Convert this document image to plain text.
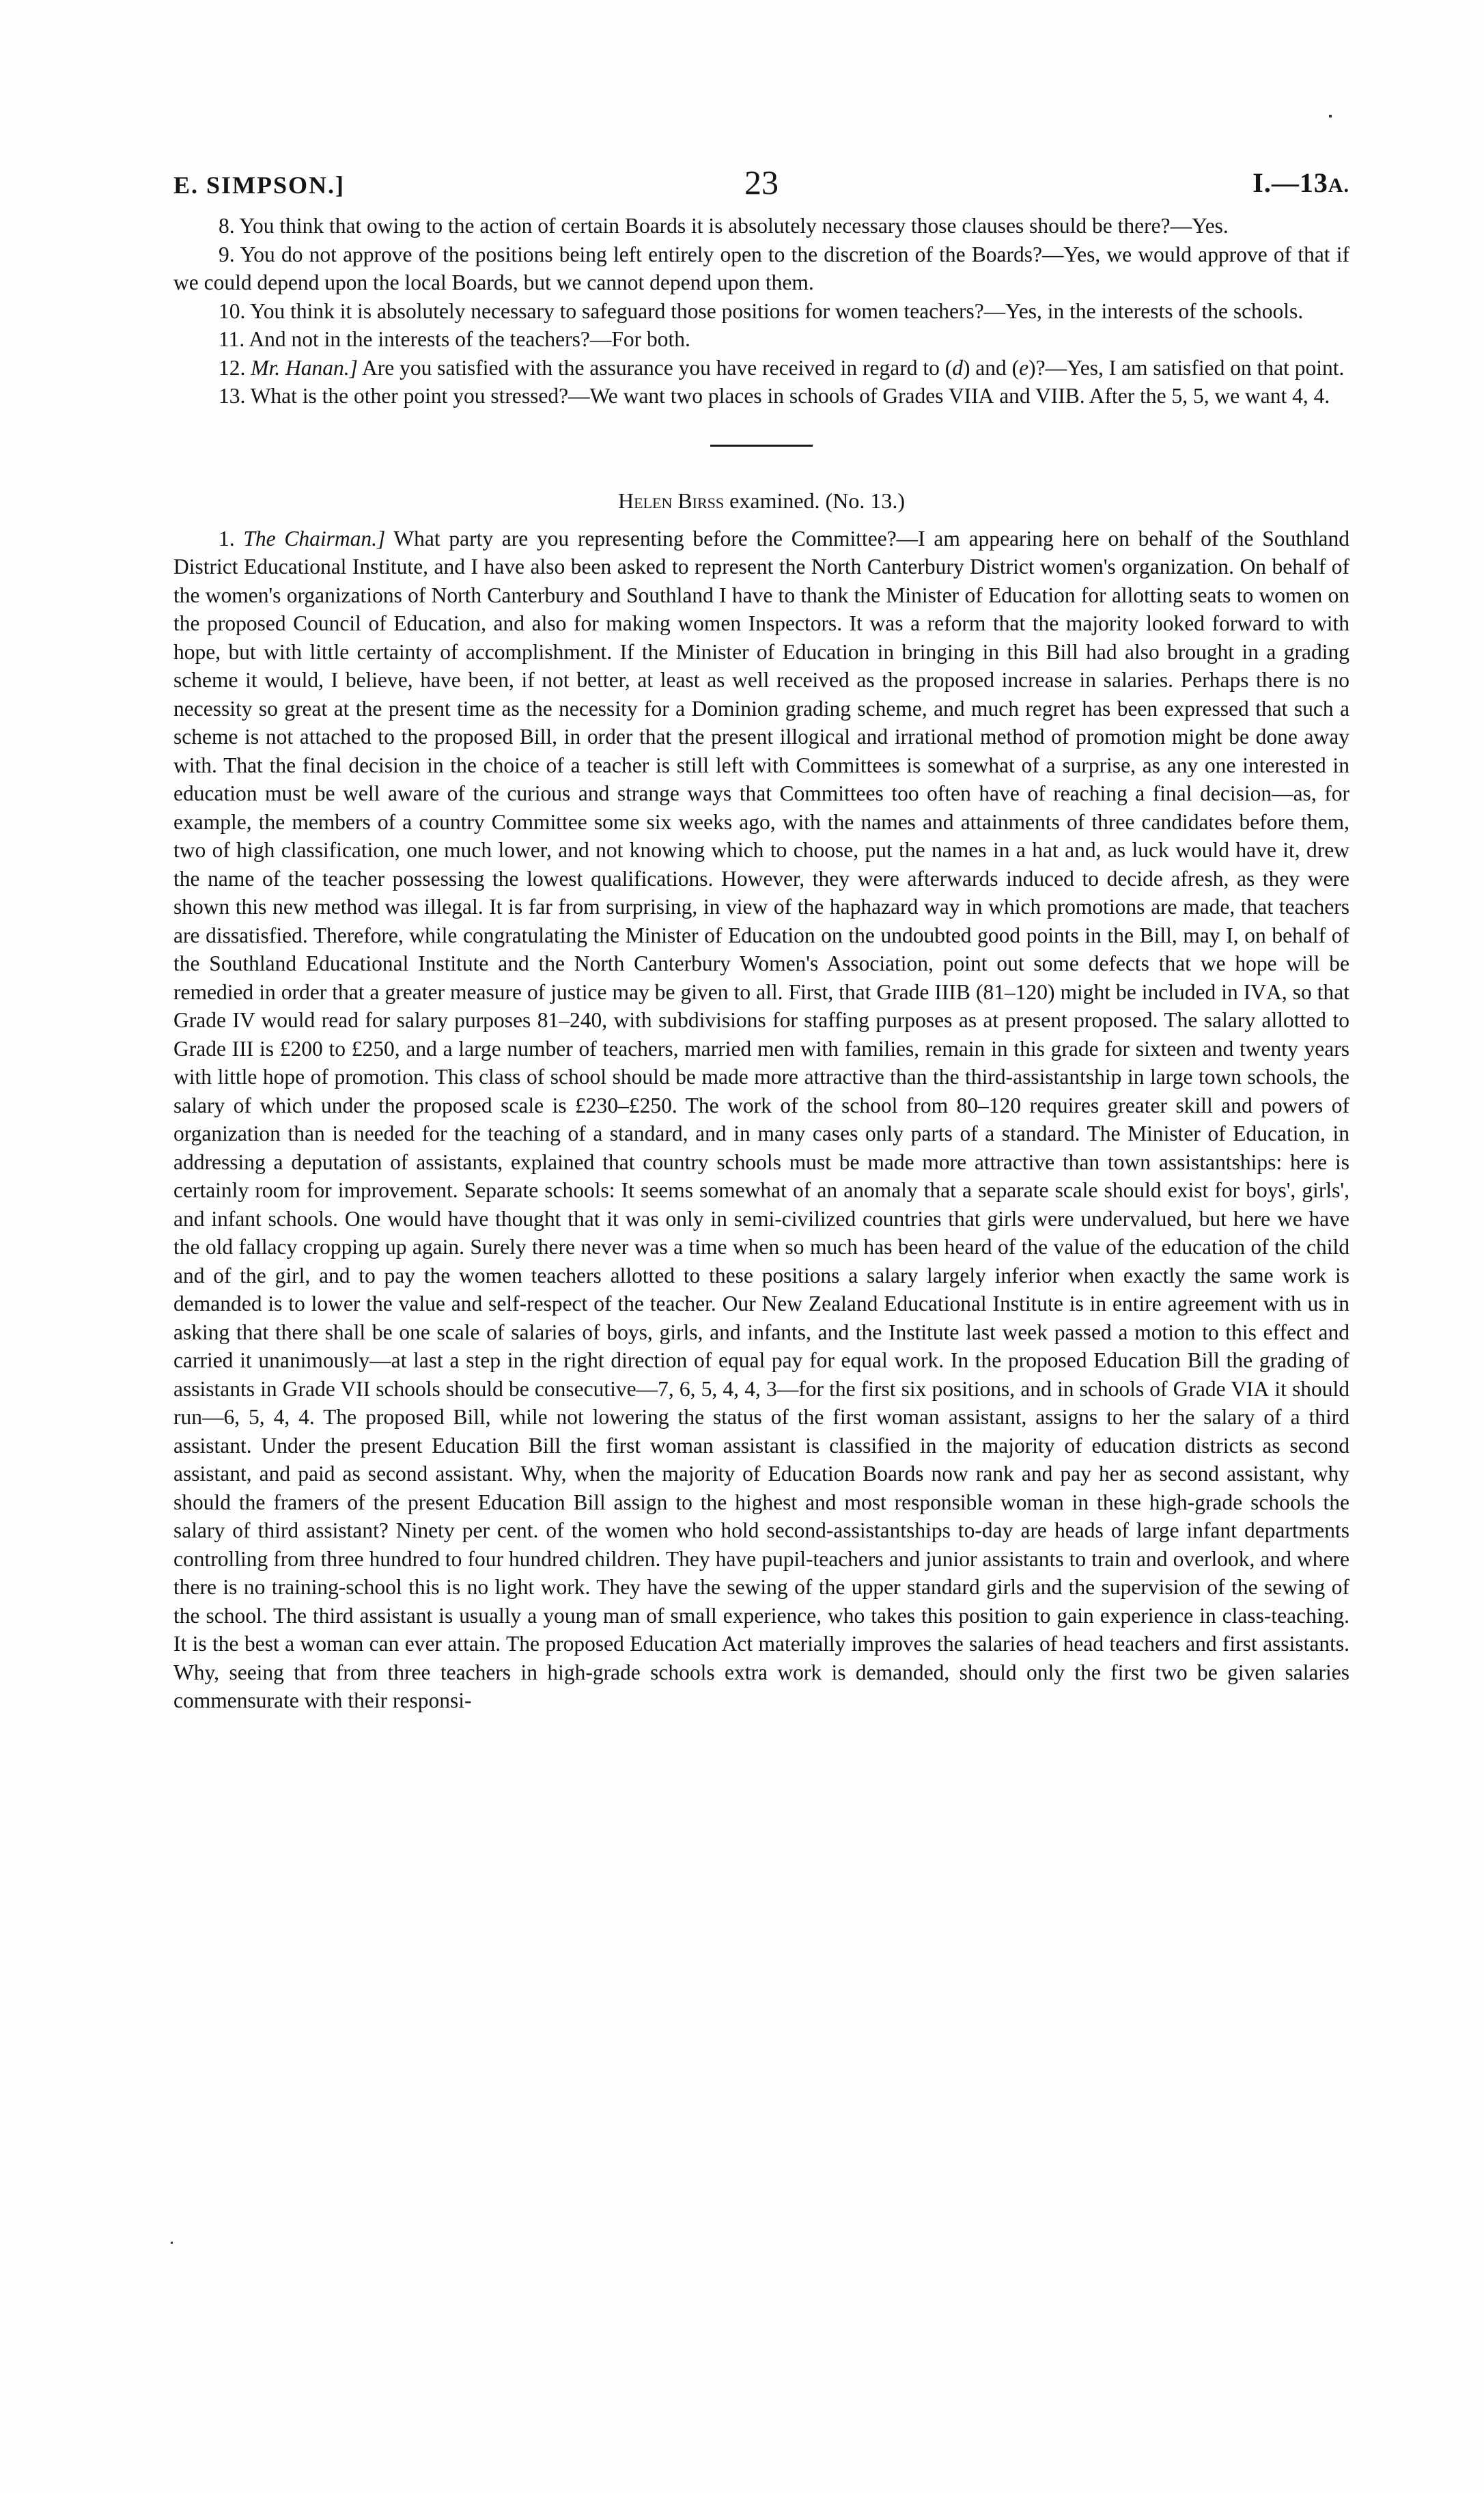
E. SIMPSON.]	23	I.—13A.

8. You think that owing to the action of certain Boards it is absolutely necessary those clauses should be there?—Yes.

9. You do not approve of the positions being left entirely open to the discretion of the Boards?—Yes, we would approve of that if we could depend upon the local Boards, but we cannot depend upon them.

10. You think it is absolutely necessary to safeguard those positions for women teachers?—Yes, in the interests of the schools.

11. And not in the interests of the teachers?—For both.

12. Mr. Hanan.] Are you satisfied with the assurance you have received in regard to (d) and (e)?—Yes, I am satisfied on that point.

13. What is the other point you stressed?—We want two places in schools of Grades VIIA and VIIB. After the 5, 5, we want 4, 4.

Helen Birss examined. (No. 13.)

1. The Chairman.] What party are you representing before the Committee?—I am appearing here on behalf of the Southland District Educational Institute, and I have also been asked to represent the North Canterbury District women's organization. On behalf of the women's organizations of North Canterbury and Southland I have to thank the Minister of Education for allotting seats to women on the proposed Council of Education, and also for making women Inspectors. It was a reform that the majority looked forward to with hope, but with little certainty of accomplishment. If the Minister of Education in bringing in this Bill had also brought in a grading scheme it would, I believe, have been, if not better, at least as well received as the proposed increase in salaries. Perhaps there is no necessity so great at the present time as the necessity for a Dominion grading scheme, and much regret has been expressed that such a scheme is not attached to the proposed Bill, in order that the present illogical and irrational method of promotion might be done away with. That the final decision in the choice of a teacher is still left with Committees is somewhat of a surprise, as any one interested in education must be well aware of the curious and strange ways that Committees too often have of reaching a final decision—as, for example, the members of a country Committee some six weeks ago, with the names and attainments of three candidates before them, two of high classification, one much lower, and not knowing which to choose, put the names in a hat and, as luck would have it, drew the name of the teacher possessing the lowest qualifications. However, they were afterwards induced to decide afresh, as they were shown this new method was illegal. It is far from surprising, in view of the haphazard way in which promotions are made, that teachers are dissatisfied. Therefore, while congratulating the Minister of Education on the undoubted good points in the Bill, may I, on behalf of the Southland Educational Institute and the North Canterbury Women's Association, point out some defects that we hope will be remedied in order that a greater measure of justice may be given to all. First, that Grade IIIB (81–120) might be included in IVA, so that Grade IV would read for salary purposes 81–240, with subdivisions for staffing purposes as at present proposed. The salary allotted to Grade III is £200 to £250, and a large number of teachers, married men with families, remain in this grade for sixteen and twenty years with little hope of promotion. This class of school should be made more attractive than the third-assistantship in large town schools, the salary of which under the proposed scale is £230–£250. The work of the school from 80–120 requires greater skill and powers of organization than is needed for the teaching of a standard, and in many cases only parts of a standard. The Minister of Education, in addressing a deputation of assistants, explained that country schools must be made more attractive than town assistantships: here is certainly room for improvement. Separate schools: It seems somewhat of an anomaly that a separate scale should exist for boys', girls', and infant schools. One would have thought that it was only in semi-civilized countries that girls were undervalued, but here we have the old fallacy cropping up again. Surely there never was a time when so much has been heard of the value of the education of the child and of the girl, and to pay the women teachers allotted to these positions a salary largely inferior when exactly the same work is demanded is to lower the value and self-respect of the teacher. Our New Zealand Educational Institute is in entire agreement with us in asking that there shall be one scale of salaries of boys, girls, and infants, and the Institute last week passed a motion to this effect and carried it unanimously—at last a step in the right direction of equal pay for equal work. In the proposed Education Bill the grading of assistants in Grade VII schools should be consecutive—7, 6, 5, 4, 4, 3—for the first six positions, and in schools of Grade VIA it should run—6, 5, 4, 4. The proposed Bill, while not lowering the status of the first woman assistant, assigns to her the salary of a third assistant. Under the present Education Bill the first woman assistant is classified in the majority of education districts as second assistant, and paid as second assistant. Why, when the majority of Education Boards now rank and pay her as second assistant, why should the framers of the present Education Bill assign to the highest and most responsible woman in these high-grade schools the salary of third assistant? Ninety per cent. of the women who hold second-assistantships to-day are heads of large infant departments controlling from three hundred to four hundred children. They have pupil-teachers and junior assistants to train and overlook, and where there is no training-school this is no light work. They have the sewing of the upper standard girls and the supervision of the sewing of the school. The third assistant is usually a young man of small experience, who takes this position to gain experience in class-teaching. It is the best a woman can ever attain. The proposed Education Act materially improves the salaries of head teachers and first assistants. Why, seeing that from three teachers in high-grade schools extra work is demanded, should only the first two be given salaries commensurate with their responsi-
